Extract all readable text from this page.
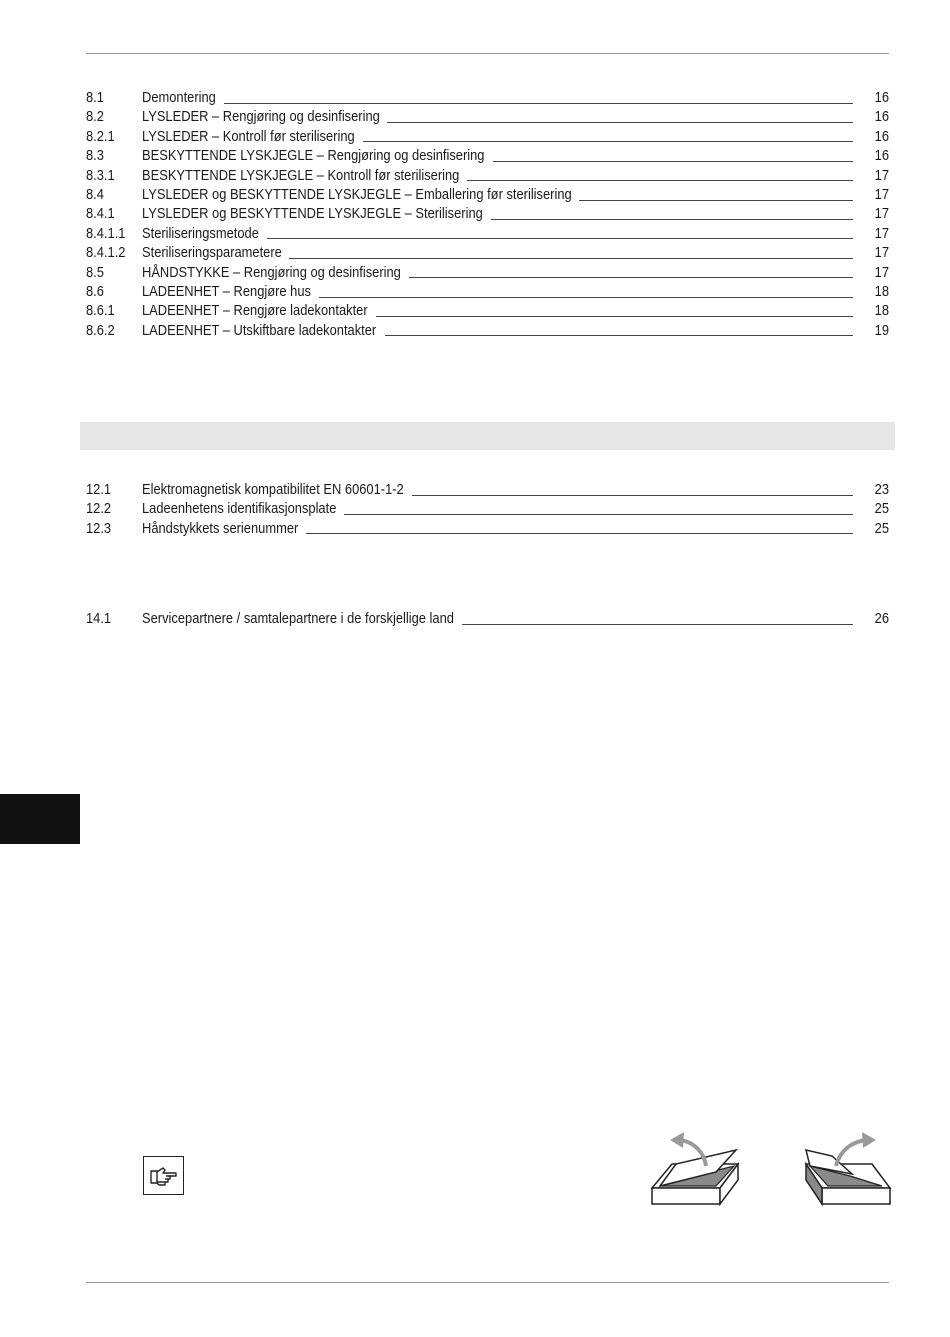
8.1	Demontering	16
8.2	LYSLEDER – Rengjøring og desinfisering	16
8.2.1	LYSLEDER – Kontroll før sterilisering	16
8.3	BESKYTTENDE LYSKJEGLE – Rengjøring og desinfisering	16
8.3.1	BESKYTTENDE LYSKJEGLE – Kontroll før sterilisering	17
8.4	LYSLEDER og BESKYTTENDE LYSKJEGLE – Emballering før sterilisering	17
8.4.1	LYSLEDER og BESKYTTENDE LYSKJEGLE – Sterilisering	17
8.4.1.1	Steriliseringsmetode	17
8.4.1.2	Steriliseringsparametere	17
8.5	HÅNDSTYKKE – Rengjøring og desinfisering	17
8.6	LADEENHET – Rengjøre hus	18
8.6.1	LADEENHET – Rengjøre ladekontakter	18
8.6.2	LADEENHET – Utskiftbare ladekontakter	19
12.1	Elektromagnetisk kompatibilitet EN 60601-1-2	23
12.2	Ladeenhetens identifikasjonsplate	25
12.3	Håndstykkets serienummer	25
14.1	Servicepartnere / samtalepartnere i de forskjellige land	26
